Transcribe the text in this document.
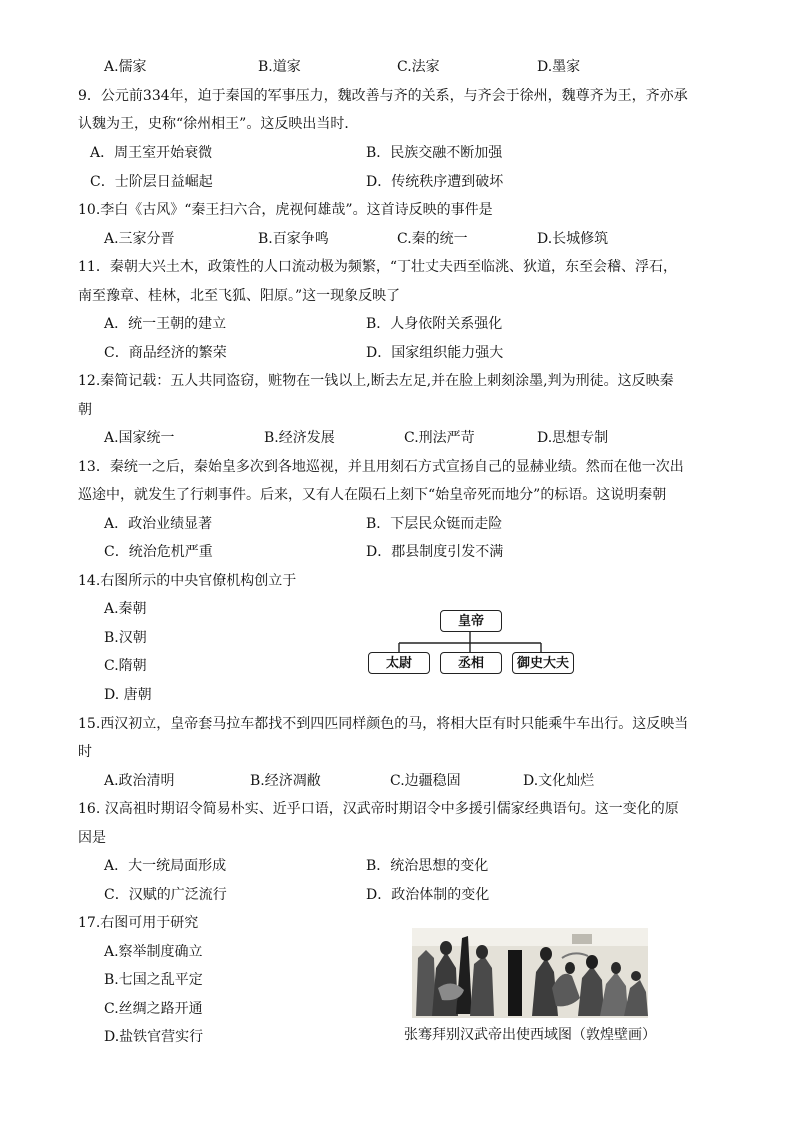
A.儒家	B.道家	C.法家	D.墨家
9．公元前334年，迫于秦国的军事压力，魏改善与齐的关系，与齐会于徐州，魏尊齐为王，齐亦承
认魏为王，史称“徐州相王”。这反映出当时．
A．周王室开始衰微	B．民族交融不断加强
C．士阶层日益崛起	D．传统秩序遭到破坏
10.李白《古风》“秦王扫六合，虎视何雄哉”。这首诗反映的事件是
A.三家分晋	B.百家争鸣	C.秦的统一	D.长城修筑
11．秦朝大兴土木，政策性的人口流动极为频繁，“丁壮丈夫西至临洮、狄道，东至会稽、浮石，
南至豫章、桂林，北至飞狐、阳原。”这一现象反映了
A．统一王朝的建立	B．人身依附关系强化
C．商品经济的繁荣	D．国家组织能力强大
12.秦简记载：五人共同盗窃，赃物在一钱以上,断去左足,并在脸上刺刻涂墨,判为刑徒。这反映秦
朝
A.国家统一	B.经济发展	C.刑法严苛	D.思想专制
13．秦统一之后，秦始皇多次到各地巡视，并且用刻石方式宣扬自己的显赫业绩。然而在他一次出
巡途中，就发生了行刺事件。后来，又有人在陨石上刻下“始皇帝死而地分”的标语。这说明秦朝
A．政治业绩显著	B．下层民众铤而走险
C．统治危机严重	D．郡县制度引发不满
14.右图所示的中央官僚机构创立于
A.秦朝
B.汉朝
C.隋朝
D. 唐朝
皇帝
太尉	丞相	御史大夫
15.西汉初立，皇帝套马拉车都找不到四匹同样颜色的马，将相大臣有时只能乘牛车出行。这反映当
时
A.政治清明	B.经济凋敝	C.边疆稳固	D.文化灿烂
16. 汉高祖时期诏令简易朴实、近乎口语，汉武帝时期诏令中多援引儒家经典语句。这一变化的原
因是
A．大一统局面形成	B．统治思想的变化
C．汉赋的广泛流行	D．政治体制的变化
17.右图可用于研究
A.察举制度确立
B.七国之乱平定
C.丝绸之路开通
D.盐铁官营实行	张骞拜别汉武帝出使西域图（敦煌壁画）
